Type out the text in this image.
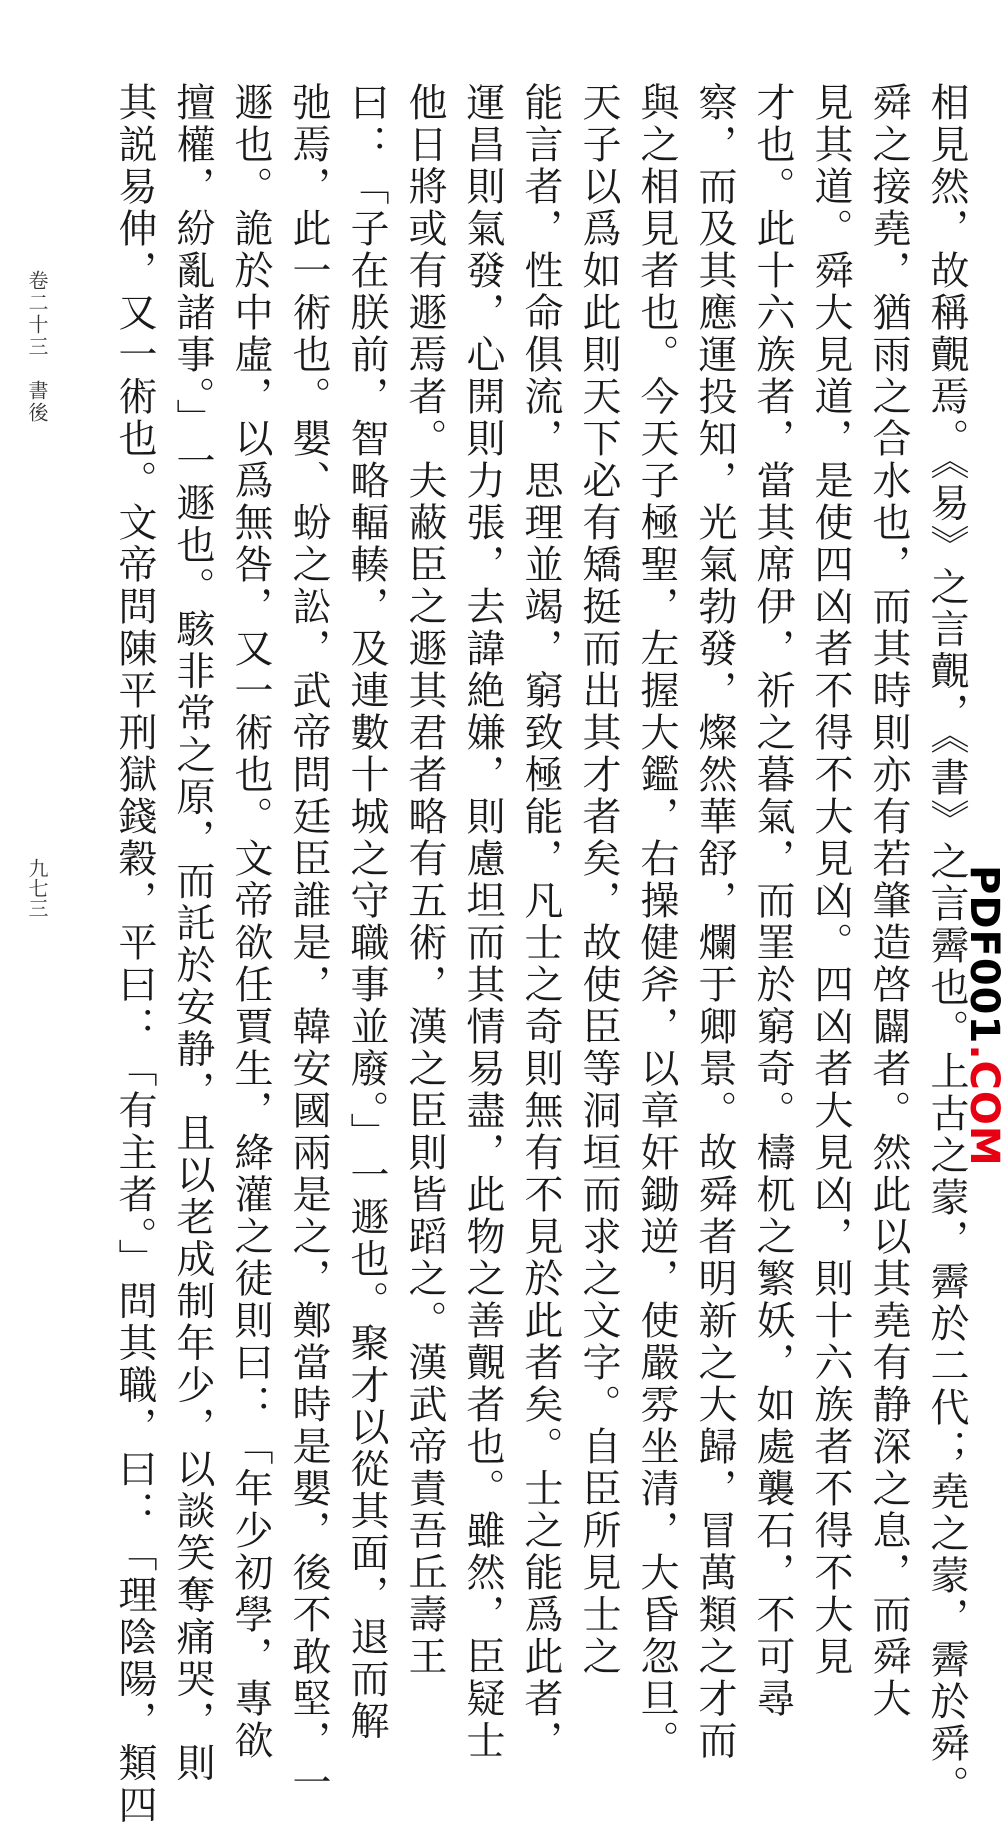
相見然，故稱覿焉。《易》之言覿，《書》之言霽也。上古之蒙，霽於二代；堯之蒙，霽於舜。
舜之接堯，猶雨之合水也，而其時則亦有若肇造啓闢者。然此以其堯有静深之息，而舜大
見其道。舜大見道，是使四凶者不得不大見凶。四凶者大見凶，則十六族者不得不大見
才也。此十六族者，當其席伊，祈之暮氣，而罣於窮奇。檮杌之繁妖，如處襲石，不可尋
察，而及其應運投知，光氣勃發，燦然華舒，爛于卿景。故舜者明新之大歸，冒萬類之才而
與之相見者也。今天子極聖，左握大鑑，右操健斧，以章奸鋤逆，使嚴雰坐清，大昏忽旦。
天子以爲如此則天下必有矯挺而出其才者矣，故使臣等洞垣而求之文字。自臣所見士之
能言者，性命俱流，思理並竭，窮致極能，凡士之奇則無有不見於此者矣。士之能爲此者，
運昌則氣發，心開則力張，去諱絶嫌，則慮坦而其情易盡，此物之善覿者也。雖然，臣疑士
他日將或有遯焉者。夫蔽臣之遯其君者略有五術，漢之臣則皆蹈之。漢武帝責吾丘壽王
曰：「子在朕前，智略輻輳，及連數十城之守職事並廢。」一遯也。聚才以從其面，退而解
弛焉，此一術也。嬰、蚡之訟，武帝問廷臣誰是，韓安國兩是之，鄭當時是嬰，後不敢堅，一
遯也。詭於中虛，以爲無咎，又一術也。文帝欲任賈生，絳灌之徒則曰：「年少初學，專欲
擅權，紛亂諸事。」一遯也。駭非常之原，而託於安静，且以老成制年少，以談笑奪痛哭，則
其説易伸，又一術也。文帝問陳平刑獄錢穀，平曰：「有主者。」問其職，曰：「理陰陽，類四
卷二十三　書後
九七三	PDF001.COM
